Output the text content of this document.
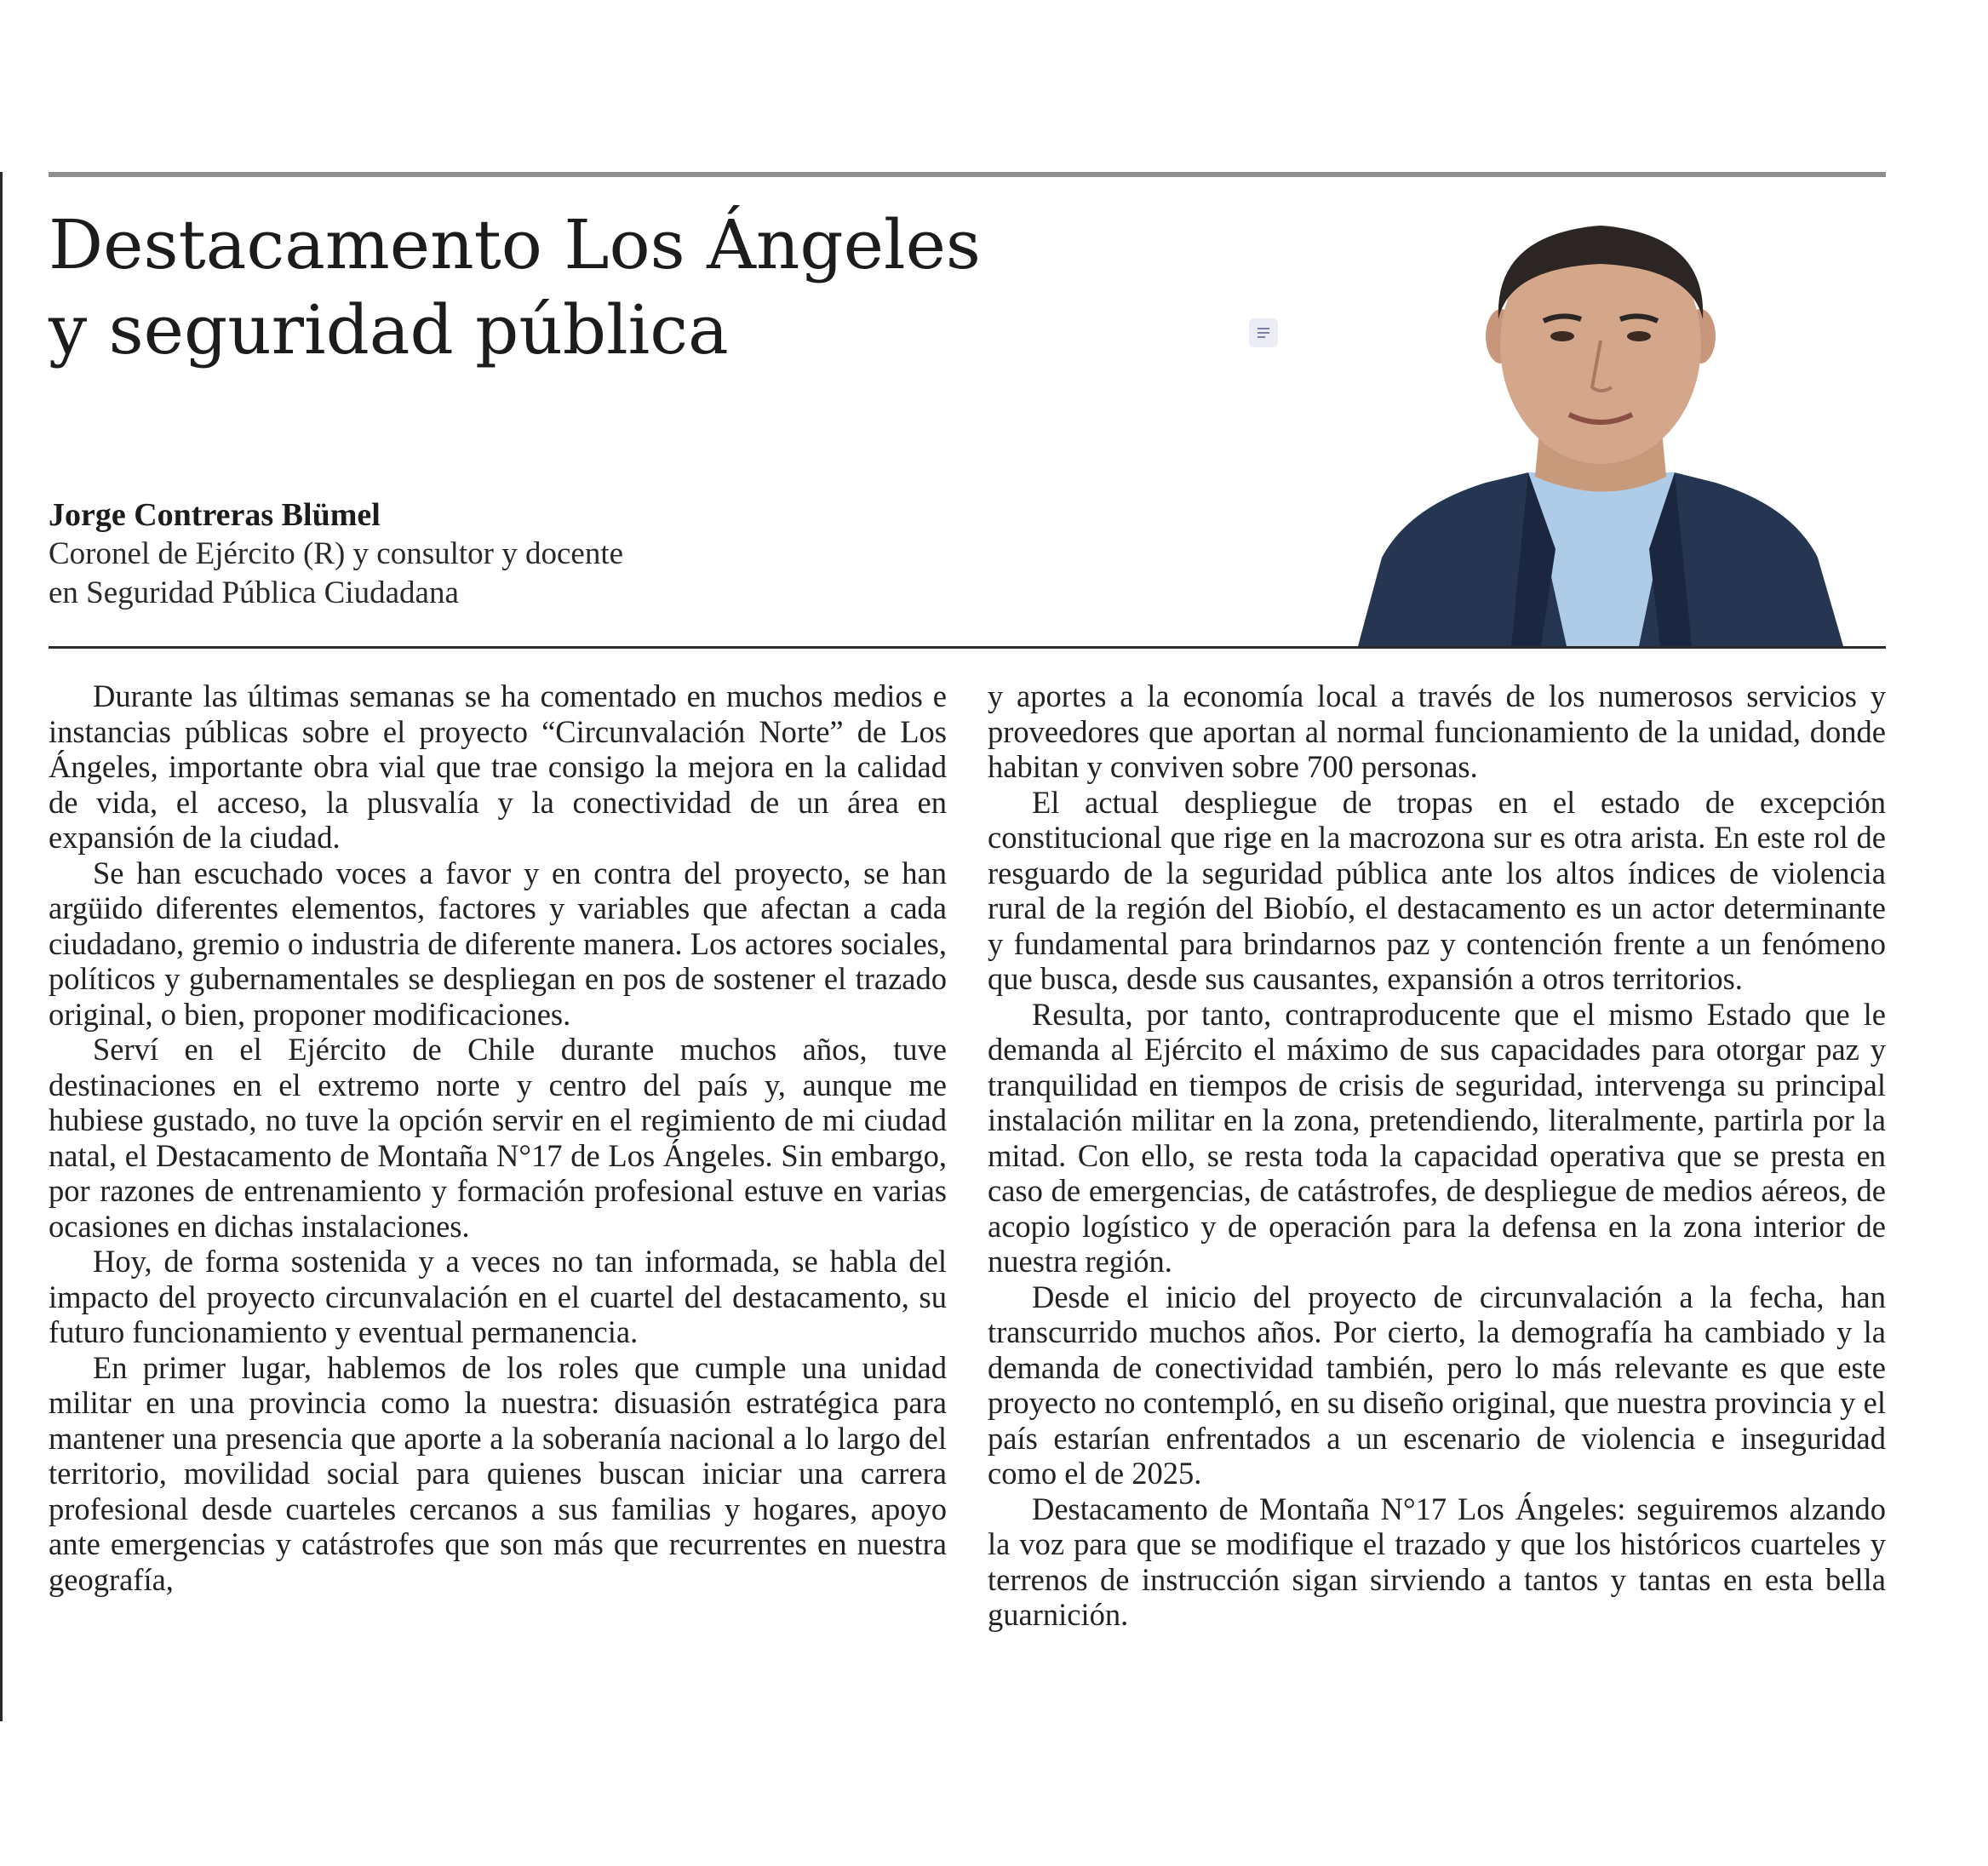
Destacamento Los Ángeles
y seguridad pública
Jorge Contreras Blümel
Coronel de Ejército (R) y consultor y docente
en Seguridad Pública Ciudadana

Durante las últimas semanas se ha comentado en muchos medios e instancias públicas sobre el proyecto “Circunvalación Norte” de Los Ángeles, importante obra vial que trae consigo la mejora en la calidad de vida, el acceso, la plusvalía y la conectividad de un área en expansión de la ciudad.

Se han escuchado voces a favor y en contra del proyecto, se han argüido diferentes elementos, factores y variables que afectan a cada ciudadano, gremio o industria de diferente manera. Los actores sociales, políticos y gubernamentales se despliegan en pos de sostener el trazado original, o bien, proponer modificaciones.

Serví en el Ejército de Chile durante muchos años, tuve destinaciones en el extremo norte y centro del país y, aunque me hubiese gustado, no tuve la opción servir en el regimiento de mi ciudad natal, el Destacamento de Montaña N°17 de Los Ángeles. Sin embargo, por razones de entrenamiento y formación profesional estuve en varias ocasiones en dichas instalaciones.

Hoy, de forma sostenida y a veces no tan informada, se habla del impacto del proyecto circunvalación en el cuartel del destacamento, su futuro funcionamiento y eventual permanencia.

En primer lugar, hablemos de los roles que cumple una unidad militar en una provincia como la nuestra: disuasión estratégica para mantener una presencia que aporte a la soberanía nacional a lo largo del territorio, movilidad social para quienes buscan iniciar una carrera profesional desde cuarteles cercanos a sus familias y hogares, apoyo ante emergencias y catástrofes que son más que recurrentes en nuestra geografía,

y aportes a la economía local a través de los numerosos servicios y proveedores que aportan al normal funcionamiento de la unidad, donde habitan y conviven sobre 700 personas.

El actual despliegue de tropas en el estado de excepción constitucional que rige en la macrozona sur es otra arista. En este rol de resguardo de la seguridad pública ante los altos índices de violencia rural de la región del Biobío, el destacamento es un actor determinante y fundamental para brindarnos paz y contención frente a un fenómeno que busca, desde sus causantes, expansión a otros territorios.

Resulta, por tanto, contraproducente que el mismo Estado que le demanda al Ejército el máximo de sus capacidades para otorgar paz y tranquilidad en tiempos de crisis de seguridad, intervenga su principal instalación militar en la zona, pretendiendo, literalmente, partirla por la mitad. Con ello, se resta toda la capacidad operativa que se presta en caso de emergencias, de catástrofes, de despliegue de medios aéreos, de acopio logístico y de operación para la defensa en la zona interior de nuestra región.

Desde el inicio del proyecto de circunvalación a la fecha, han transcurrido muchos años. Por cierto, la demografía ha cambiado y la demanda de conectividad también, pero lo más relevante es que este proyecto no contempló, en su diseño original, que nuestra provincia y el país estarían enfrentados a un escenario de violencia e inseguridad como el de 2025.

Destacamento de Montaña N°17 Los Ángeles: seguiremos alzando la voz para que se modifique el trazado y que los históricos cuarteles y terrenos de instrucción sigan sirviendo a tantos y tantas en esta bella guarnición.
